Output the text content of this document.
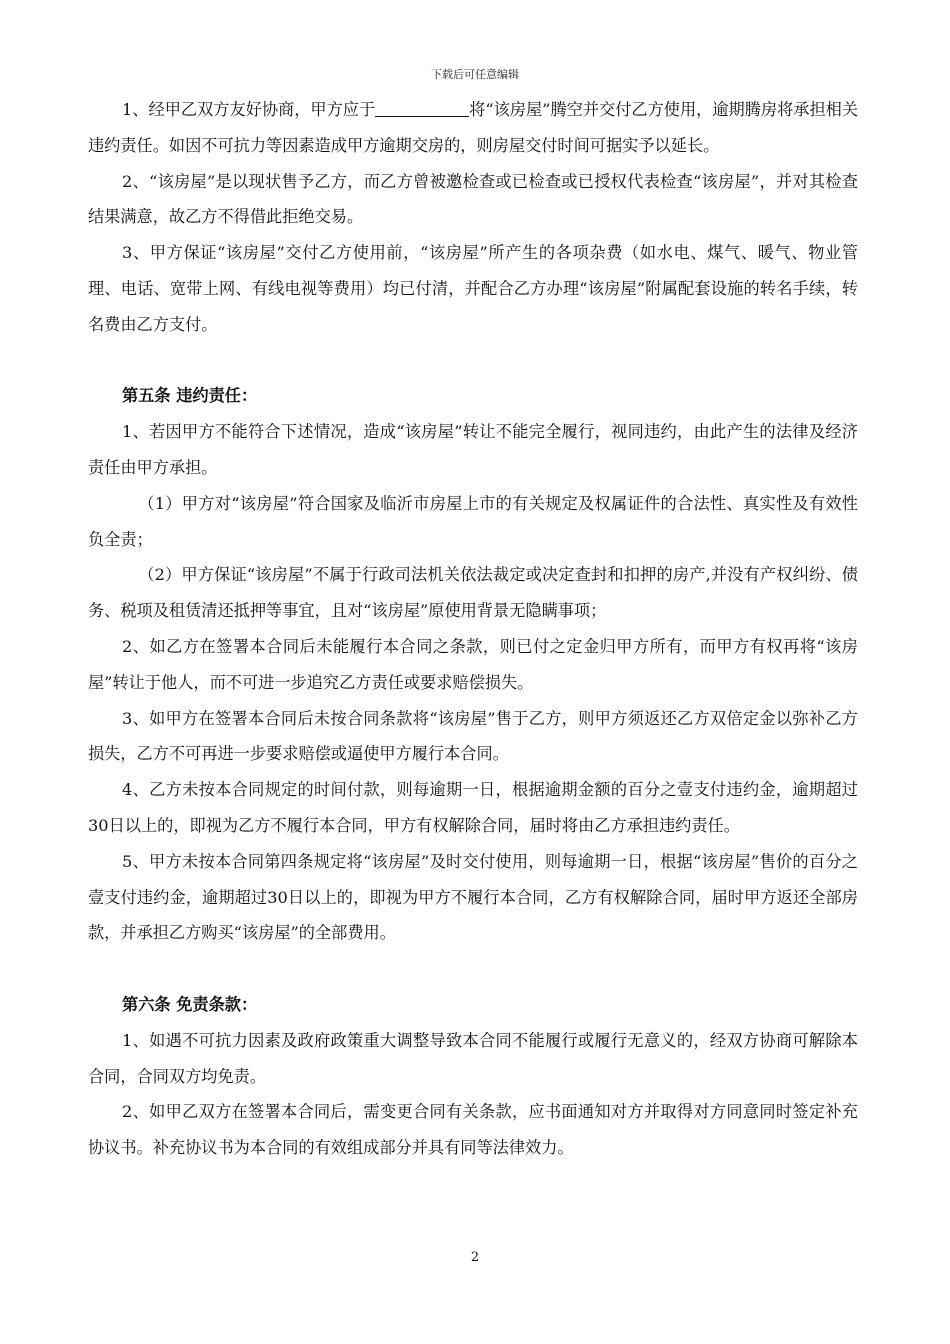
下载后可任意编辑

1、经甲乙双方友好协商，甲方应于	将“该房屋”腾空并交付乙方使用，逾期腾房将承担相关违约责任。如因不可抗力等因素造成甲方逾期交房的，则房屋交付时间可据实予以延长。

2、“该房屋”是以现状售予乙方，而乙方曾被邀检查或已检查或已授权代表检查“该房屋”，并对其检查结果满意，故乙方不得借此拒绝交易。

3、甲方保证“该房屋”交付乙方使用前，“该房屋”所产生的各项杂费（如水电、煤气、暖气、物业管理、电话、宽带上网、有线电视等费用）均已付清，并配合乙方办理“该房屋”附属配套设施的转名手续，转名费由乙方支付。

第五条 违约责任：

1、若因甲方不能符合下述情况，造成“该房屋”转让不能完全履行，视同违约，由此产生的法律及经济责任由甲方承担。

（1）甲方对“该房屋”符合国家及临沂市房屋上市的有关规定及权属证件的合法性、真实性及有效性负全责；

（2）甲方保证“该房屋”不属于行政司法机关依法裁定或决定查封和扣押的房产,并没有产权纠纷、债务、税项及租赁清还抵押等事宜，且对“该房屋”原使用背景无隐瞒事项；

2、如乙方在签署本合同后未能履行本合同之条款，则已付之定金归甲方所有，而甲方有权再将“该房屋”转让于他人，而不可进一步追究乙方责任或要求赔偿损失。

3、如甲方在签署本合同后未按合同条款将“该房屋”售于乙方，则甲方须返还乙方双倍定金以弥补乙方损失，乙方不可再进一步要求赔偿或逼使甲方履行本合同。

4、乙方未按本合同规定的时间付款，则每逾期一日，根据逾期金额的百分之壹支付违约金，逾期超过30日以上的，即视为乙方不履行本合同，甲方有权解除合同，届时将由乙方承担违约责任。

5、甲方未按本合同第四条规定将“该房屋”及时交付使用，则每逾期一日，根据“该房屋”售价的百分之壹支付违约金，逾期超过30日以上的，即视为甲方不履行本合同，乙方有权解除合同，届时甲方返还全部房款，并承担乙方购买“该房屋”的全部费用。

第六条 免责条款：

1、如遇不可抗力因素及政府政策重大调整导致本合同不能履行或履行无意义的，经双方协商可解除本合同，合同双方均免责。

2、如甲乙双方在签署本合同后，需变更合同有关条款，应书面通知对方并取得对方同意同时签定补充协议书。补充协议书为本合同的有效组成部分并具有同等法律效力。

2
